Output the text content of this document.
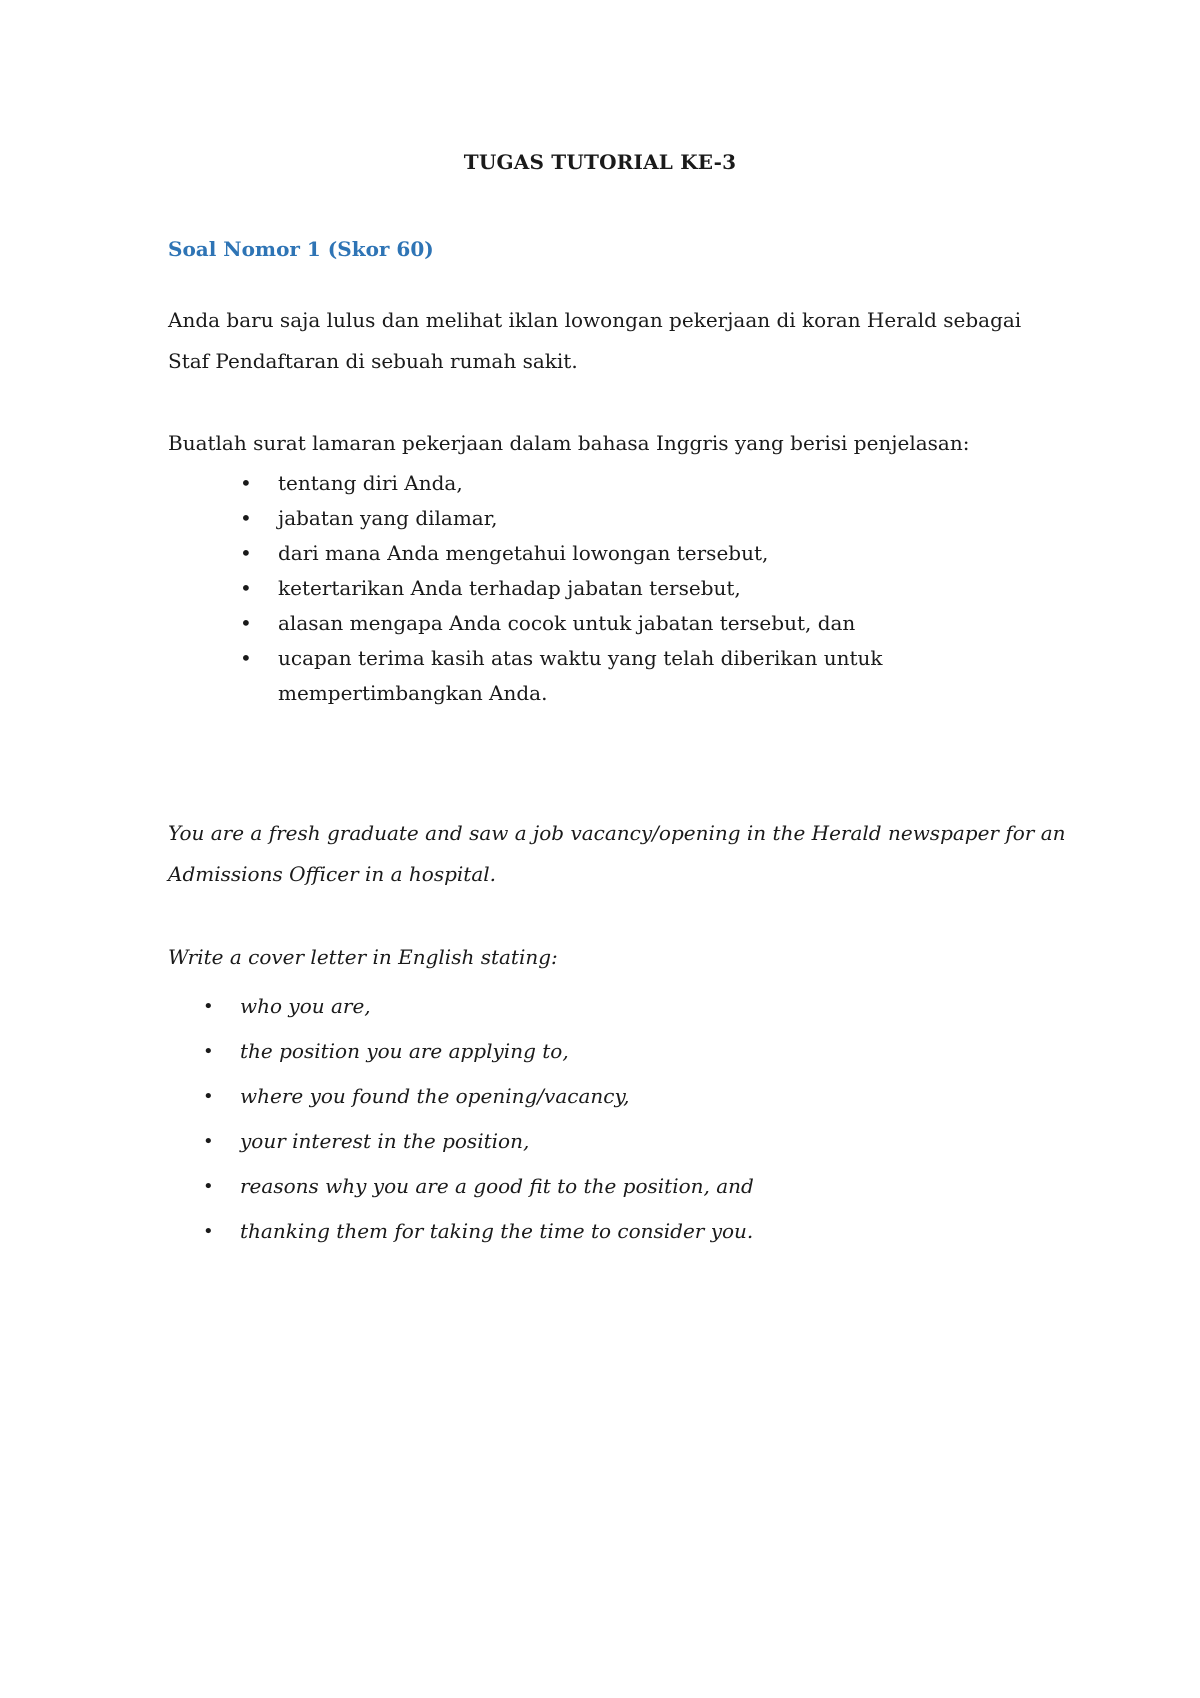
TUGAS TUTORIAL KE-3
Soal Nomor 1 (Skor 60)

Anda baru saja lulus dan melihat iklan lowongan pekerjaan di koran Herald sebagai Staf Pendaftaran di sebuah rumah sakit.

Buatlah surat lamaran pekerjaan dalam bahasa Inggris yang berisi penjelasan:

• tentang diri Anda,
• jabatan yang dilamar,
• dari mana Anda mengetahui lowongan tersebut,
• ketertarikan Anda terhadap jabatan tersebut,
• alasan mengapa Anda cocok untuk jabatan tersebut, dan
• ucapan terima kasih atas waktu yang telah diberikan untuk mempertimbangkan Anda.

You are a fresh graduate and saw a job vacancy/opening in the Herald newspaper for an Admissions Officer in a hospital.

Write a cover letter in English stating:

• who you are,
• the position you are applying to,
• where you found the opening/vacancy,
• your interest in the position,
• reasons why you are a good fit to the position, and
• thanking them for taking the time to consider you.
